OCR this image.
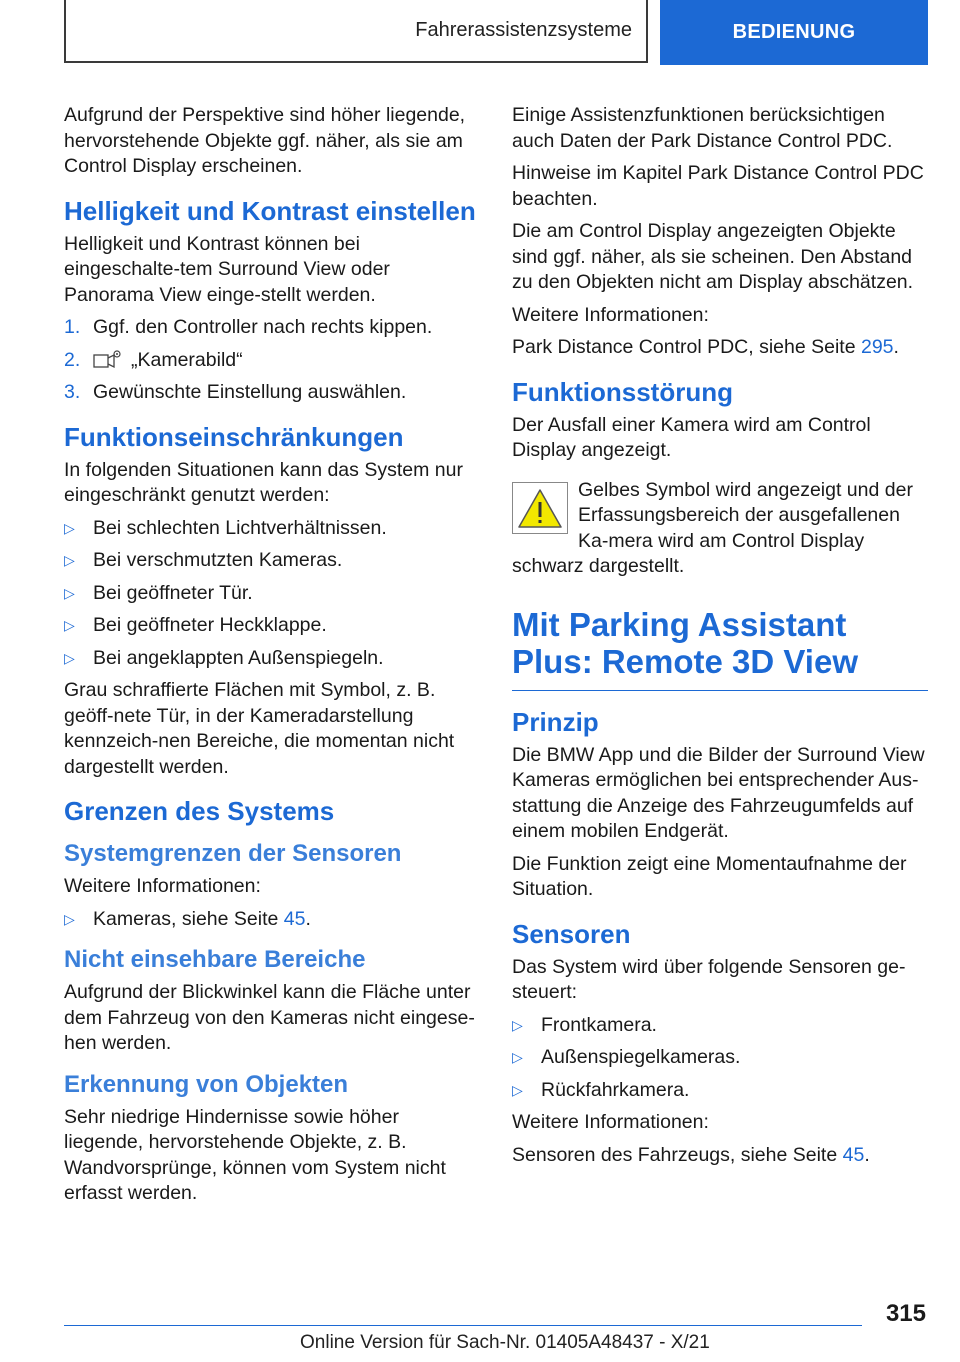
Fahrerassistenzsysteme	BEDIENUNG

Aufgrund der Perspektive sind höher liegende, hervorstehende Objekte ggf. näher, als sie am Control Display erscheinen.

Helligkeit und Kontrast einstellen

Helligkeit und Kontrast können bei eingeschalte-tem Surround View oder Panorama View einge-stellt werden.

1. Ggf. den Controller nach rechts kippen.
2.	„Kamerabild“
3. Gewünschte Einstellung auswählen.
Funktionseinschränkungen

In folgenden Situationen kann das System nur eingeschränkt genutzt werden:

▷ Bei schlechten Lichtverhältnissen.
▷ Bei verschmutzten Kameras.
▷ Bei geöffneter Tür.
▷ Bei geöffneter Heckklappe.
▷ Bei angeklappten Außenspiegeln.

Grau schraffierte Flächen mit Symbol, z. B. geöff-nete Tür, in der Kameradarstellung kennzeich-nen Bereiche, die momentan nicht dargestellt werden.

Grenzen des Systems
Systemgrenzen der Sensoren

Weitere Informationen:

▷ Kameras, siehe Seite 45.
Nicht einsehbare Bereiche

Aufgrund der Blickwinkel kann die Fläche unter dem Fahrzeug von den Kameras nicht eingese-hen werden.

Erkennung von Objekten

Sehr niedrige Hindernisse sowie höher liegende, hervorstehende Objekte, z. B. Wandvorsprünge, können vom System nicht erfasst werden.

Einige Assistenzfunktionen berücksichtigen auch Daten der Park Distance Control PDC.

Hinweise im Kapitel Park Distance Control PDC beachten.

Die am Control Display angezeigten Objekte sind ggf. näher, als sie scheinen. Den Abstand zu den Objekten nicht am Display abschätzen.

Weitere Informationen:

Park Distance Control PDC, siehe Seite 295.

Funktionsstörung

Der Ausfall einer Kamera wird am Control Display angezeigt.

Gelbes Symbol wird angezeigt und der Erfassungsbereich der ausgefallenen Ka-mera wird am Control Display schwarz dargestellt.

Mit Parking Assistant Plus: Remote 3D View
Prinzip

Die BMW App und die Bilder der Surround View Kameras ermöglichen bei entsprechender Aus-stattung die Anzeige des Fahrzeugumfelds auf einem mobilen Endgerät.

Die Funktion zeigt eine Momentaufnahme der Situation.

Sensoren

Das System wird über folgende Sensoren ge-steuert:

▷ Frontkamera.
▷ Außenspiegelkameras.
▷ Rückfahrkamera.

Weitere Informationen:

Sensoren des Fahrzeugs, siehe Seite 45.

315
Online Version für Sach-Nr. 01405A48437 - X/21
